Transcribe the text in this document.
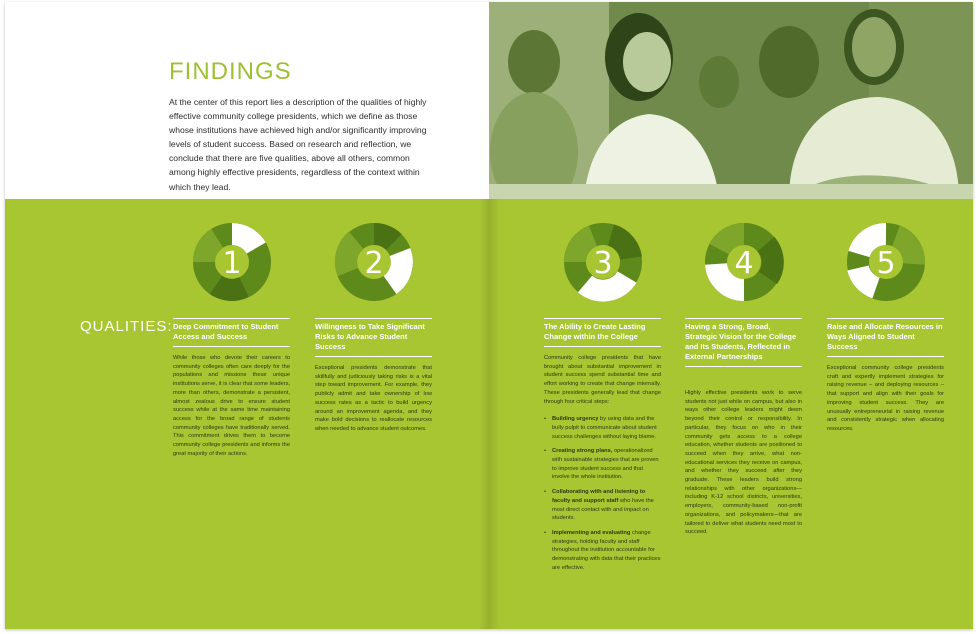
FINDINGS
At the center of this report lies a description of the qualities of highly effective community college presidents, which we define as those whose institutions have achieved high and/or significantly improving levels of student success. Based on research and reflection, we conclude that there are five qualities, above all others, common among highly effective presidents, regardless of the context within which they lead.
QUALITIES:
1
Deep Commitment to Student Access and Success
While those who devote their careers to community colleges often care deeply for the populations and missions these unique institutions serve, it is clear that some leaders, more than others, demonstrate a persistent, almost zealous drive to ensure student success while at the same time maintaining access for the broad range of students community colleges have traditionally served. This commitment drives them to become community college presidents and informs the great majority of their actions.
2
Willingness to Take Significant Risks to Advance Student Success
Exceptional presidents demonstrate that skillfully and judiciously taking risks is a vital step toward improvement. For example, they publicly admit and take ownership of low success rates as a tactic to build urgency around an improvement agenda, and they make bold decisions to reallocate resources when needed to advance student outcomes.
3
The Ability to Create Lasting Change within the College
Community college presidents that have brought about substantial improvement in student success spend substantial time and effort working to create that change internally. These presidents generally lead that change through four critical steps:
• Building urgency by using data and the bully pulpit to communicate about student success challenges without laying blame.
• Creating strong plans, operationalized with sustainable strategies that are proven to improve student success and that involve the whole institution.
• Collaborating with and listening to faculty and support staff who have the most direct contact with and impact on students.
• Implementing and evaluating change strategies, holding faculty and staff throughout the institution accountable for demonstrating with data that their practices are effective.
4
Having a Strong, Broad, Strategic Vision for the College and Its Students, Reflected in External Partnerships
Highly effective presidents work to serve students not just while on campus, but also in ways other college leaders might deem beyond their control or responsibility. In particular, they focus on who in their community gets access to a college education, whether students are positioned to succeed when they arrive, what non-educational services they receive on campus, and whether they succeed after they graduate. These leaders build strong relationships with other organizations—including K-12 school districts, universities, employers, community-based non-profit organizations, and policymakers—that are tailored to deliver what students need most to succeed.
5
Raise and Allocate Resources in Ways Aligned to Student Success
Exceptional community college presidents craft and expertly implement strategies for raising revenue – and deploying resources – that support and align with their goals for improving student success. They are unusually entrepreneurial in raising revenue and consistently strategic when allocating resources.
